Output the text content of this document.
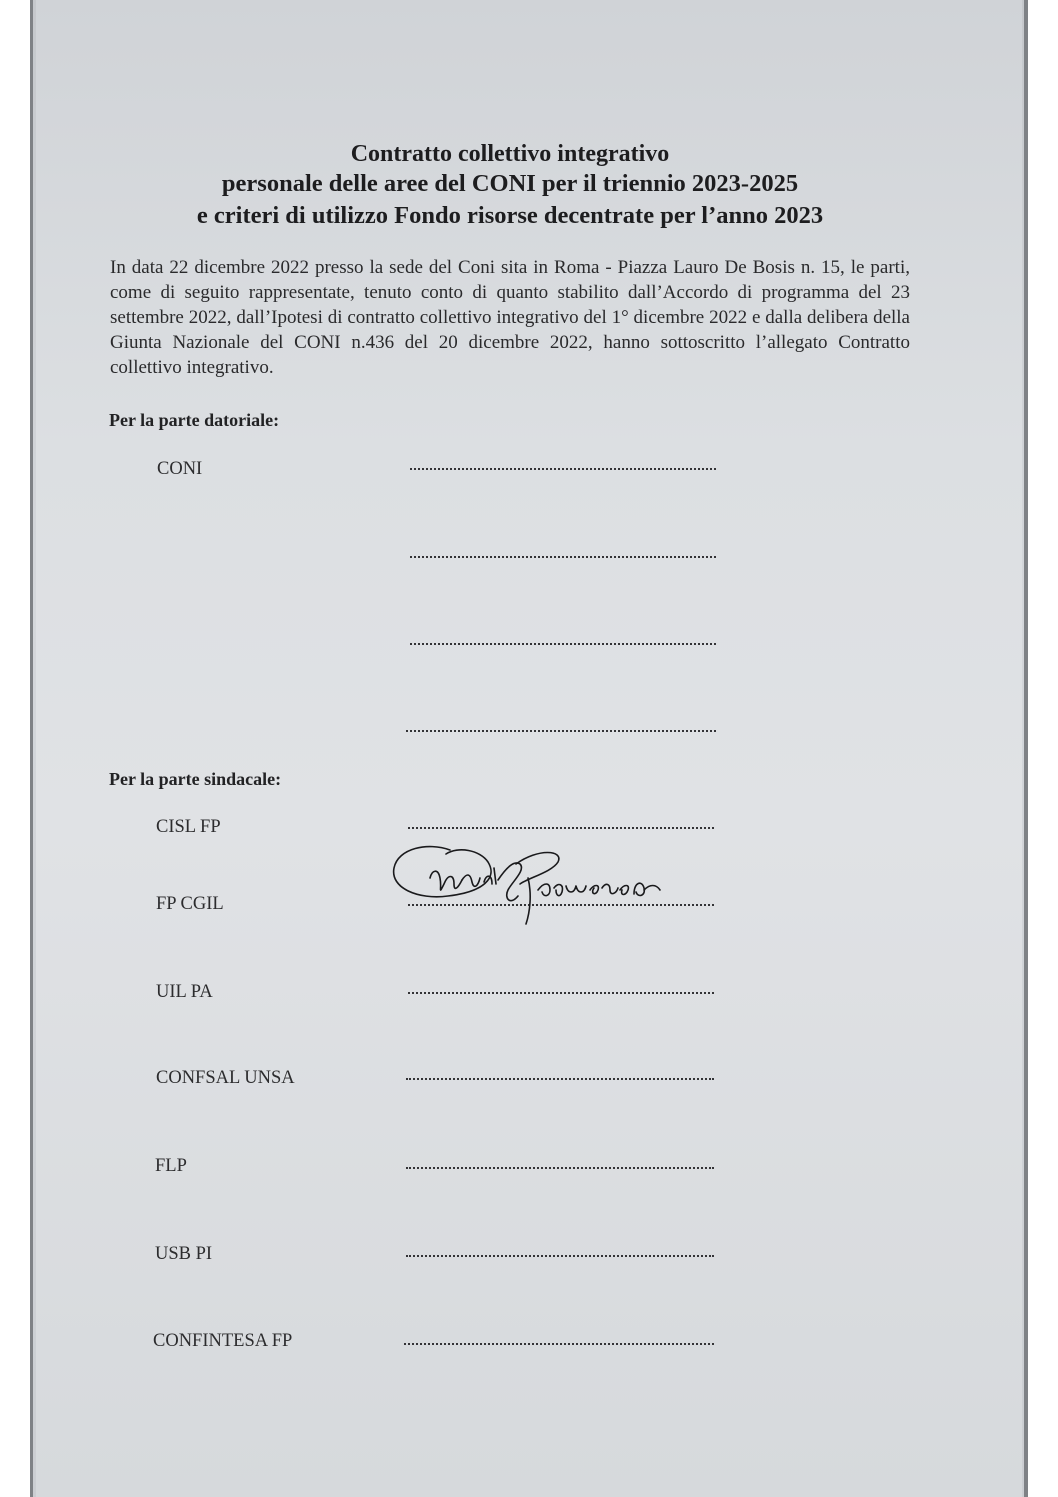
Contratto collettivo integrativo
personale delle aree del CONI per il triennio 2023-2025
e criteri di utilizzo Fondo risorse decentrate per l’anno 2023
In data 22 dicembre 2022 presso la sede del Coni sita in Roma - Piazza Lauro De Bosis n. 15, le parti, come di seguito rappresentate, tenuto conto di quanto stabilito dall’Accordo di programma del 23 settembre 2022, dall’Ipotesi di contratto collettivo integrativo del 1° dicembre 2022 e dalla delibera della Giunta Nazionale del CONI n.436 del 20 dicembre 2022, hanno sottoscritto l’allegato Contratto collettivo integrativo.
Per la parte datoriale:
CONI
Per la parte sindacale:
CISL FP
FP CGIL
UIL PA
CONFSAL UNSA
FLP
USB PI
CONFINTESA FP
